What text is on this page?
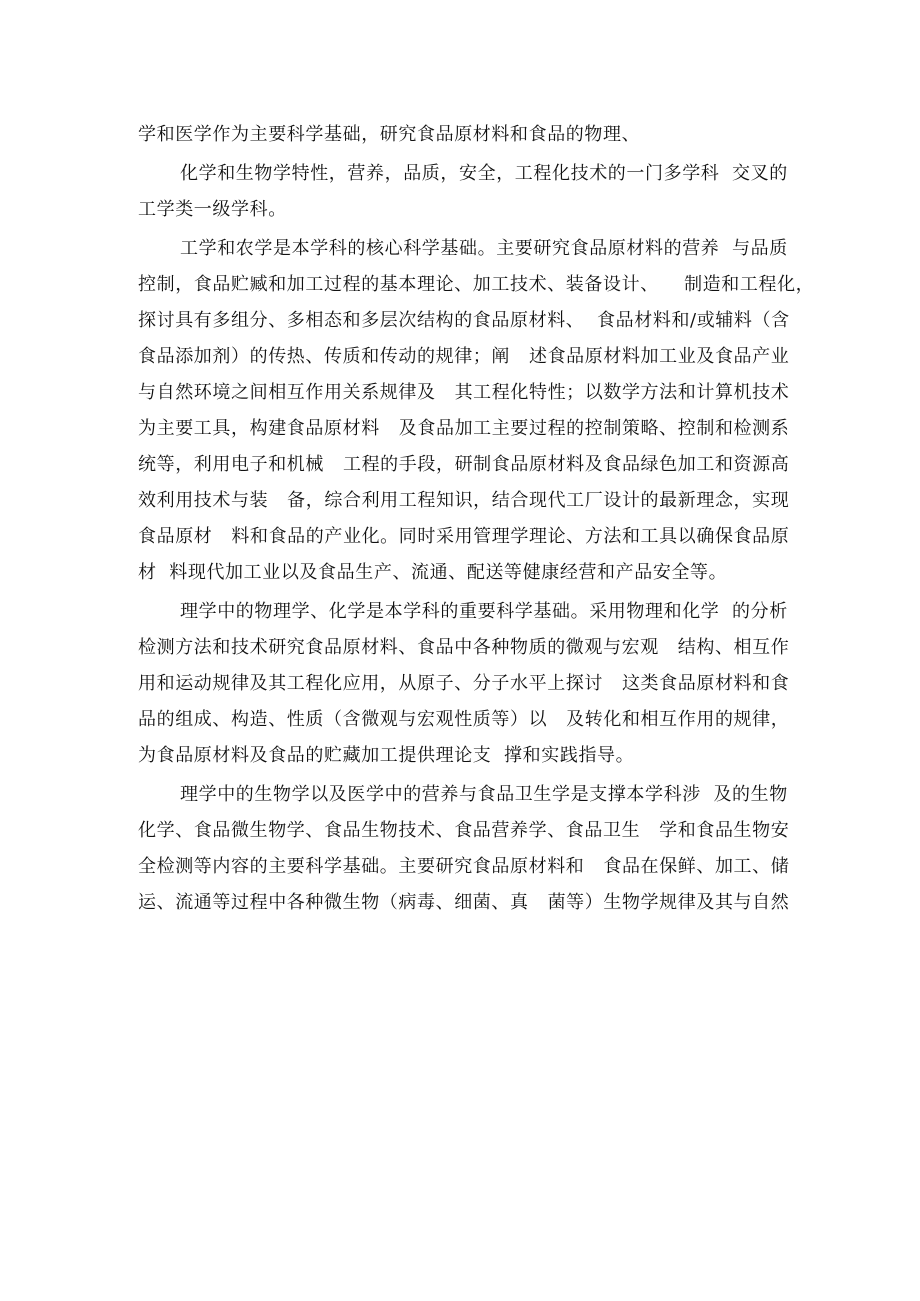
学和医学作为主要科学基础，研究食品原材料和食品的物理、
化学和生物学特性，营养，品质，安全，工程化技术的一门多学科  交叉的
工学类一级学科。
工学和农学是本学科的核心科学基础。主要研究食品原材料的营养  与品质
控制，食品贮臧和加工过程的基本理论、加工技术、装备设计、    制造和工程化，
探讨具有多组分、多相态和多层次结构的食品原材料、  食品材料和/或辅料（含
食品添加剂）的传热、传质和传动的规律；阐   述食品原材料加工业及食品产业
与自然环境之间相互作用关系规律及   其工程化特性；以数学方法和计算机技术
为主要工具，构建食品原材料   及食品加工主要过程的控制策略、控制和检测系
统等，利用电子和机械   工程的手段，研制食品原材料及食品绿色加工和资源高
效利用技术与装   备，综合利用工程知识，结合现代工厂设计的最新理念，实现
食品原材   料和食品的产业化。同时采用管理学理论、方法和工具以确保食品原
材  料现代加工业以及食品生产、流通、配送等健康经营和产品安全等。
理学中的物理学、化学是本学科的重要科学基础。采用物理和化学  的分析
检测方法和技术研究食品原材料、食品中各种物质的微观与宏观   结构、相互作
用和运动规律及其工程化应用，从原子、分子水平上探讨   这类食品原材料和食
品的组成、构造、性质（含微观与宏观性质等）以   及转化和相互作用的规律，
为食品原材料及食品的贮藏加工提供理论支  撑和实践指导。
理学中的生物学以及医学中的营养与食品卫生学是支撑本学科涉  及的生物
化学、食品微生物学、食品生物技术、食品营养学、食品卫生   学和食品生物安
全检测等内容的主要科学基础。主要研究食品原材料和   食品在保鲜、加工、储
运、流通等过程中各种微生物（病毒、细菌、真   菌等）生物学规律及其与自然
